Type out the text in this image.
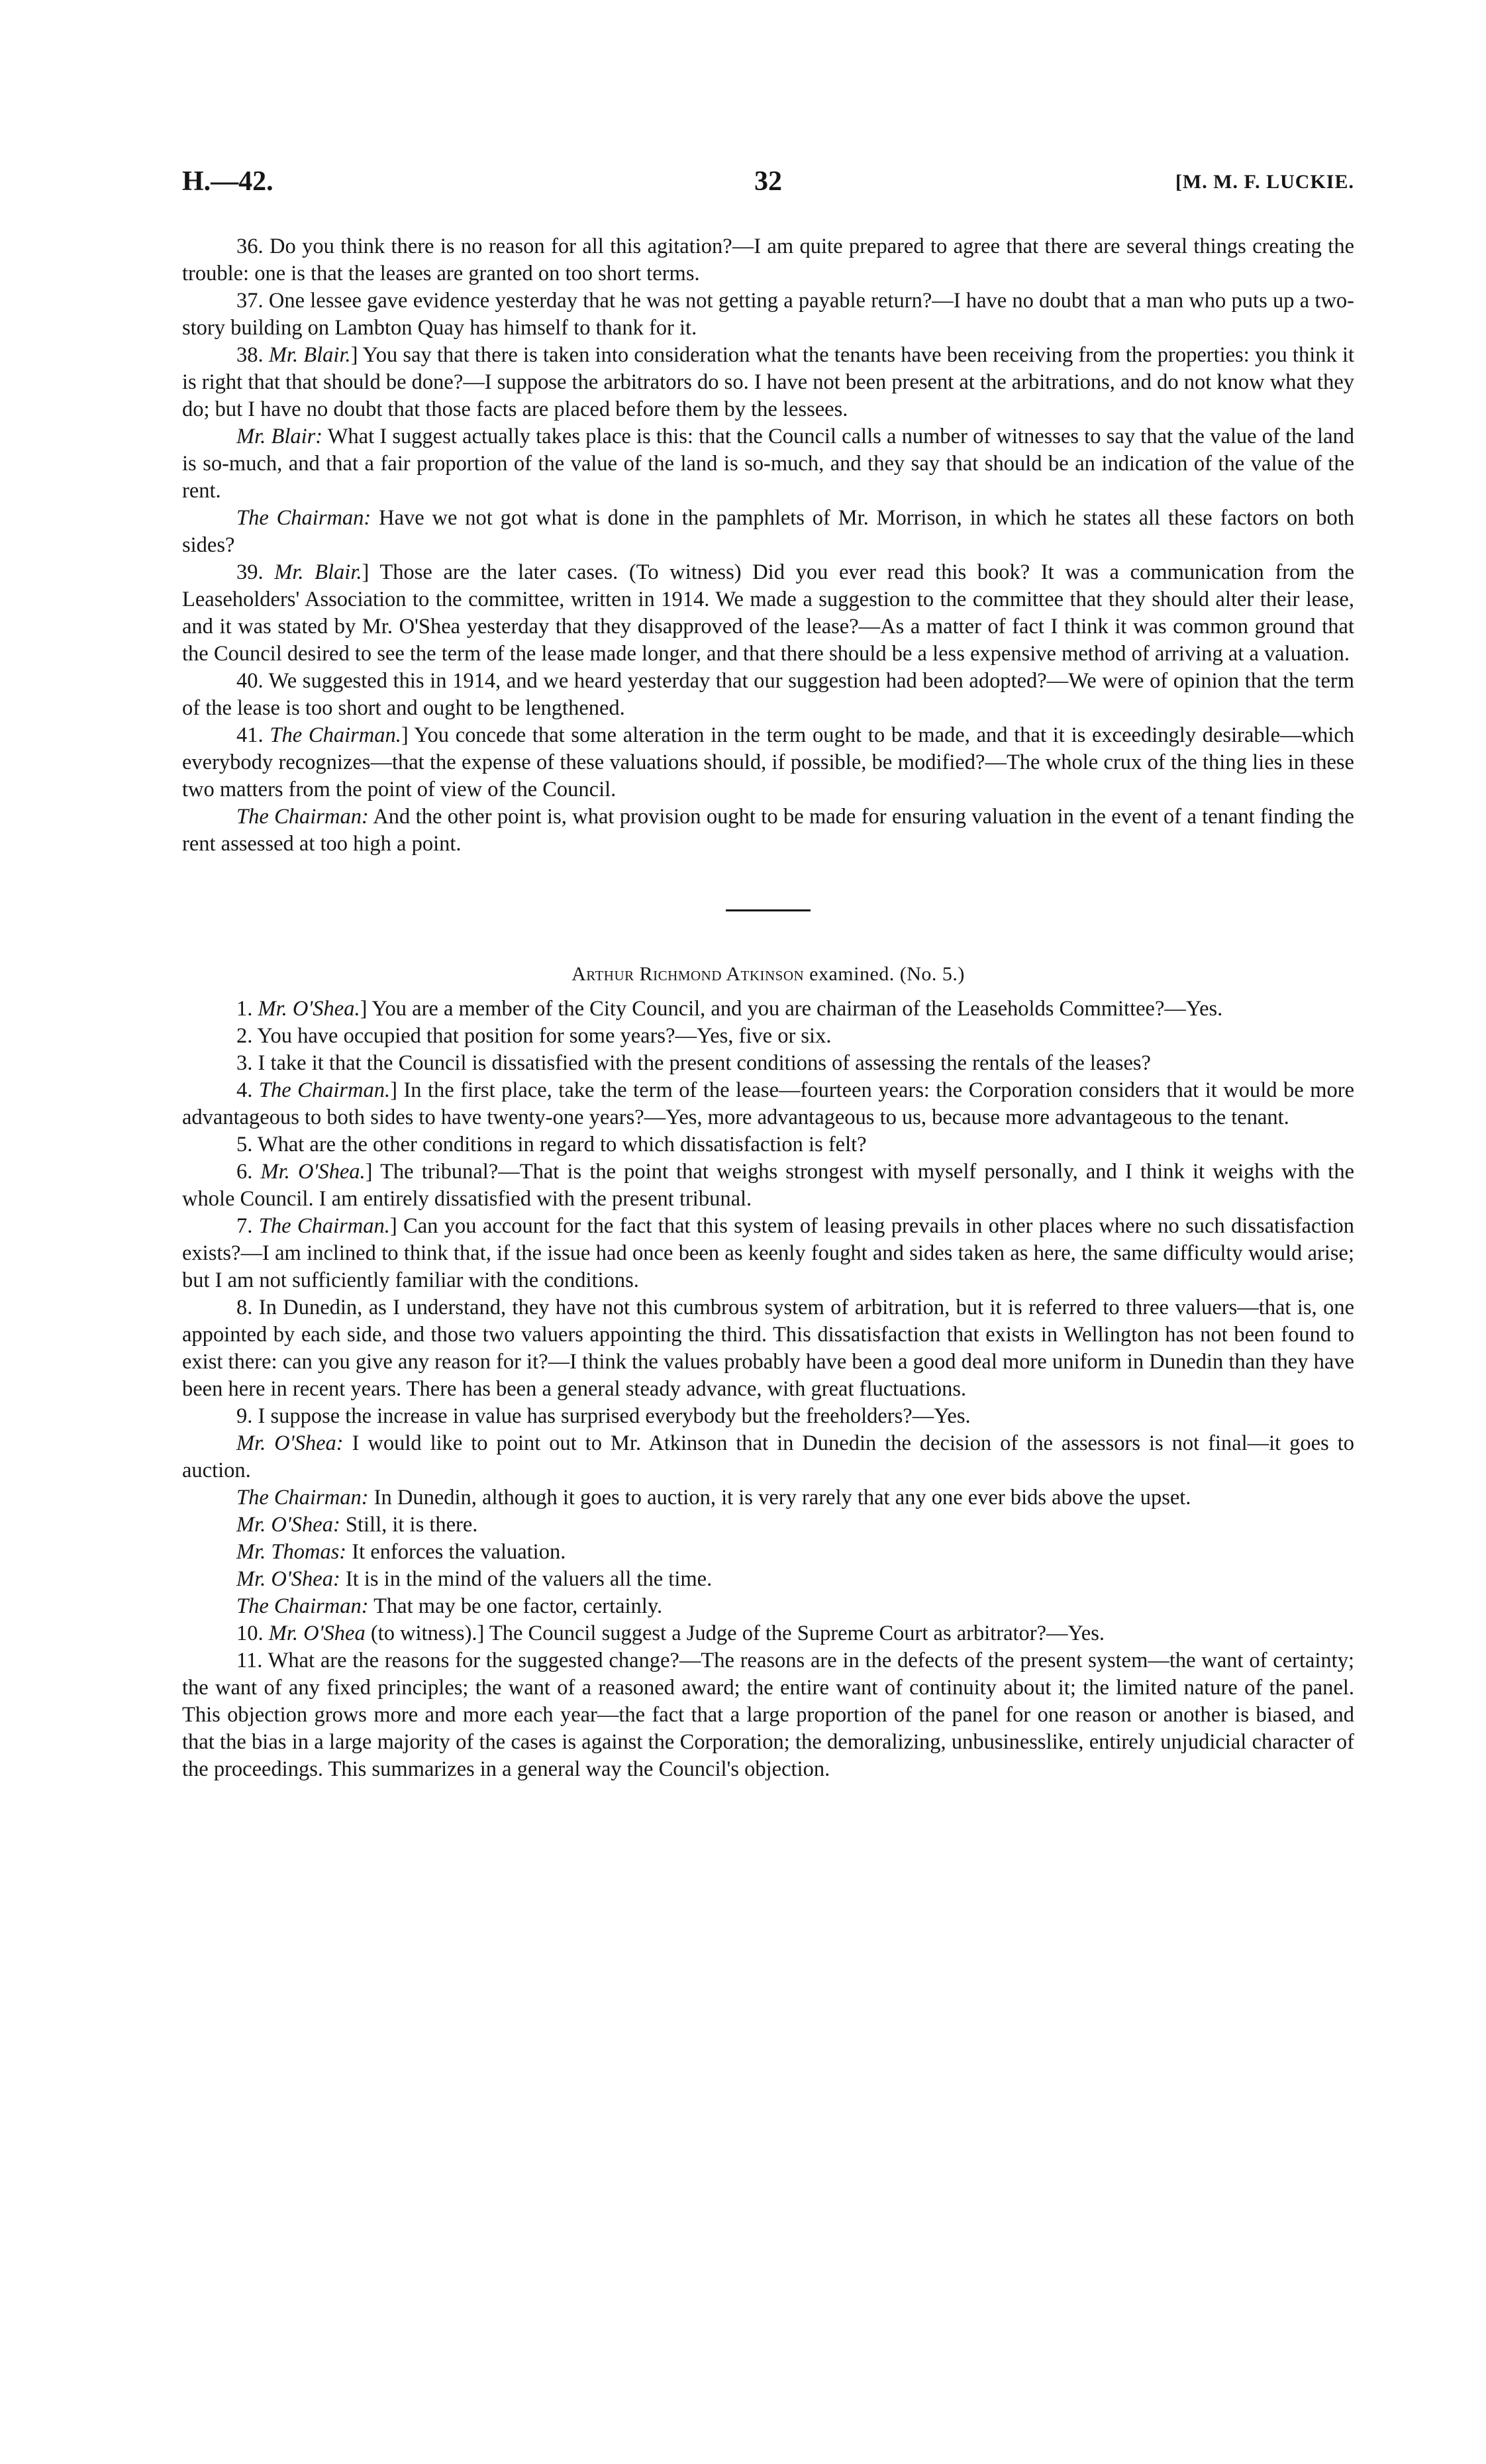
H.—42.	32	[M. M. F. LUCKIE.

36. Do you think there is no reason for all this agitation?—I am quite prepared to agree that there are several things creating the trouble: one is that the leases are granted on too short terms.

37. One lessee gave evidence yesterday that he was not getting a payable return?—I have no doubt that a man who puts up a two-story building on Lambton Quay has himself to thank for it.

38. Mr. Blair.] You say that there is taken into consideration what the tenants have been receiving from the properties: you think it is right that that should be done?—I suppose the arbitrators do so. I have not been present at the arbitrations, and do not know what they do; but I have no doubt that those facts are placed before them by the lessees.

Mr. Blair: What I suggest actually takes place is this: that the Council calls a number of witnesses to say that the value of the land is so-much, and that a fair proportion of the value of the land is so-much, and they say that should be an indication of the value of the rent.

The Chairman: Have we not got what is done in the pamphlets of Mr. Morrison, in which he states all these factors on both sides?

39. Mr. Blair.] Those are the later cases. (To witness) Did you ever read this book? It was a communication from the Leaseholders' Association to the committee, written in 1914. We made a suggestion to the committee that they should alter their lease, and it was stated by Mr. O'Shea yesterday that they disapproved of the lease?—As a matter of fact I think it was common ground that the Council desired to see the term of the lease made longer, and that there should be a less expensive method of arriving at a valuation.

40. We suggested this in 1914, and we heard yesterday that our suggestion had been adopted?—We were of opinion that the term of the lease is too short and ought to be lengthened.

41. The Chairman.] You concede that some alteration in the term ought to be made, and that it is exceedingly desirable—which everybody recognizes—that the expense of these valuations should, if possible, be modified?—The whole crux of the thing lies in these two matters from the point of view of the Council.

The Chairman: And the other point is, what provision ought to be made for ensuring valuation in the event of a tenant finding the rent assessed at too high a point.

Arthur Richmond Atkinson examined. (No. 5.)

1. Mr. O'Shea.] You are a member of the City Council, and you are chairman of the Leaseholds Committee?—Yes.

2. You have occupied that position for some years?—Yes, five or six.

3. I take it that the Council is dissatisfied with the present conditions of assessing the rentals of the leases?

4. The Chairman.] In the first place, take the term of the lease—fourteen years: the Corporation considers that it would be more advantageous to both sides to have twenty-one years?—Yes, more advantageous to us, because more advantageous to the tenant.

5. What are the other conditions in regard to which dissatisfaction is felt?

6. Mr. O'Shea.] The tribunal?—That is the point that weighs strongest with myself personally, and I think it weighs with the whole Council. I am entirely dissatisfied with the present tribunal.

7. The Chairman.] Can you account for the fact that this system of leasing prevails in other places where no such dissatisfaction exists?—I am inclined to think that, if the issue had once been as keenly fought and sides taken as here, the same difficulty would arise; but I am not sufficiently familiar with the conditions.

8. In Dunedin, as I understand, they have not this cumbrous system of arbitration, but it is referred to three valuers—that is, one appointed by each side, and those two valuers appointing the third. This dissatisfaction that exists in Wellington has not been found to exist there: can you give any reason for it?—I think the values probably have been a good deal more uniform in Dunedin than they have been here in recent years. There has been a general steady advance, with great fluctuations.

9. I suppose the increase in value has surprised everybody but the freeholders?—Yes.

Mr. O'Shea: I would like to point out to Mr. Atkinson that in Dunedin the decision of the assessors is not final—it goes to auction.

The Chairman: In Dunedin, although it goes to auction, it is very rarely that any one ever bids above the upset.

Mr. O'Shea: Still, it is there.

Mr. Thomas: It enforces the valuation.

Mr. O'Shea: It is in the mind of the valuers all the time.

The Chairman: That may be one factor, certainly.

10. Mr. O'Shea (to witness).] The Council suggest a Judge of the Supreme Court as arbitrator?—Yes.

11. What are the reasons for the suggested change?—The reasons are in the defects of the present system—the want of certainty; the want of any fixed principles; the want of a reasoned award; the entire want of continuity about it; the limited nature of the panel. This objection grows more and more each year—the fact that a large proportion of the panel for one reason or another is biased, and that the bias in a large majority of the cases is against the Corporation; the demoralizing, unbusinesslike, entirely unjudicial character of the proceedings. This summarizes in a general way the Council's objection.
